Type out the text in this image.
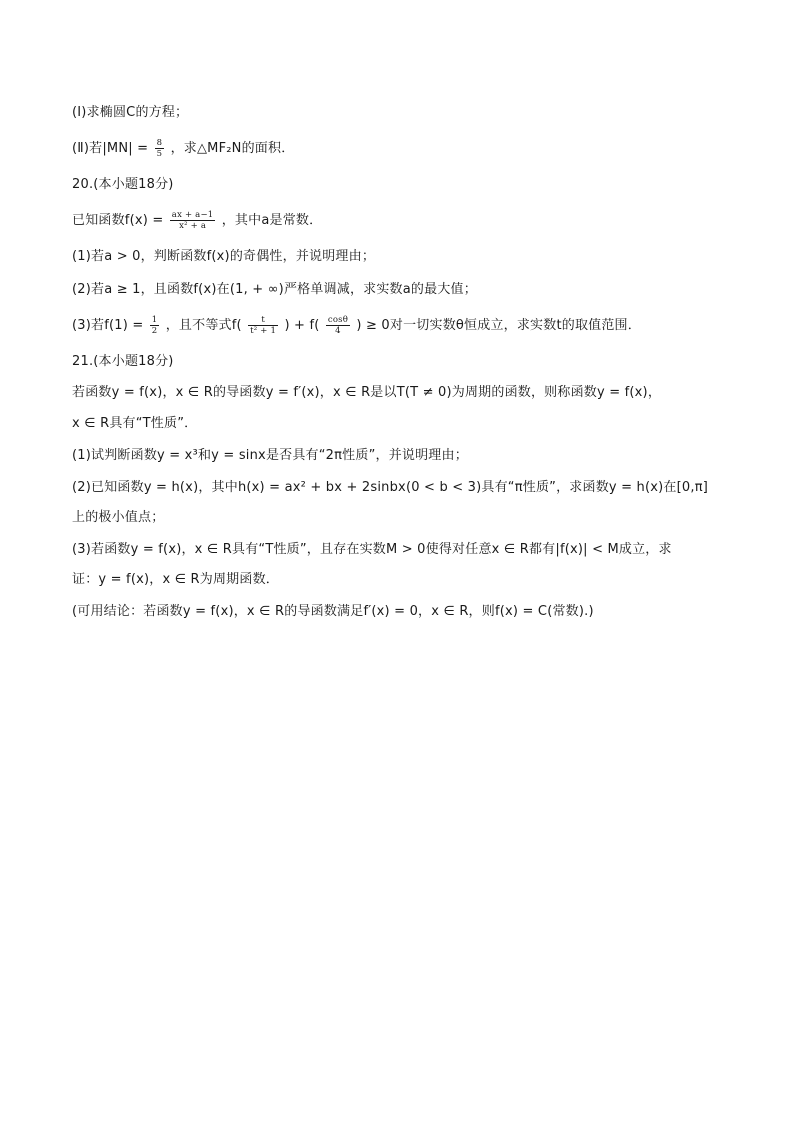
(Ⅰ)求椭圆C的方程；
(Ⅱ)若$|MN| = \frac{8}{5}$ ，求△MF₂N的面积．
20.(本小题18分)
已知函数$f(x) = \frac{ax + a-1}{\text{x² + a}}$ ，其中a是常数．
(1)若a > 0，判断函数f(x)的奇偶性，并说明理由；
(2)若a ≥ 1，且函数f(x)在(1, + ∞)严格单调减，求实数a的最大值；
(3)若$f(1) = \frac{1}{2}$ ，且不等式$f( \frac{t}{\text{t² + 1}}$ ) + $f( \frac{\cos\theta}{4}$ ) ≥ 0对一切实数θ恒成立，求实数t的取值范围．
21.(本小题18分)
若函数y = f(x)，x ∈ R的导函数y = f′(x)，x ∈ R是以T(T ≠ 0)为周期的函数，则称函数y = f(x)，
x ∈ R具有“T性质”．
(1)试判断函数y = x³和y = sinx是否具有“2π性质”，并说明理由；
(2)已知函数y = h(x)，其中h(x) = ax² + bx + 2sinbx(0 < b < 3)具有“π性质”，求函数y = h(x)在[0,π]
上的极小值点；
(3)若函数y = f(x)，x ∈ R具有“T性质”，且存在实数M > 0使得对任意x ∈ R都有|f(x)| < M成立，求
证：y = f(x)，x ∈ R为周期函数．
(可用结论：若函数y = f(x)，x ∈ R的导函数满足f′(x) = 0，x ∈ R，则f(x) = C(常数).)
